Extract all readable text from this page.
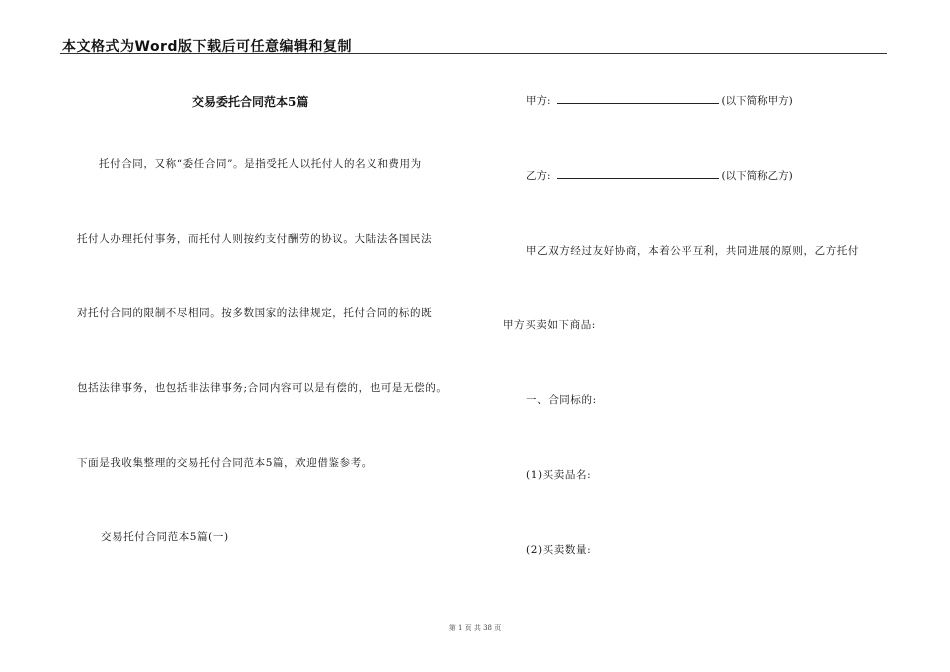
本文格式为Word版下载后可任意编辑和复制
交易委托合同范本5篇
托付合同，又称“委任合同”。是指受托人以托付人的名义和费用为
托付人办理托付事务，而托付人则按约支付酬劳的协议。大陆法各国民法
对托付合同的限制不尽相同。按多数国家的法律规定，托付合同的标的既
包括法律事务，也包括非法律事务;合同内容可以是有偿的，也可是无偿的。
下面是我收集整理的交易托付合同范本5篇，欢迎借鉴参考。
交易托付合同范本5篇(一)
甲方:	(以下简称甲方)
乙方:	(以下简称乙方)
甲乙双方经过友好协商，本着公平互利，共同进展的原则，乙方托付
甲方买卖如下商品:
一、合同标的:
(1)买卖品名:
(2)买卖数量:
第 1 页 共 38 页
